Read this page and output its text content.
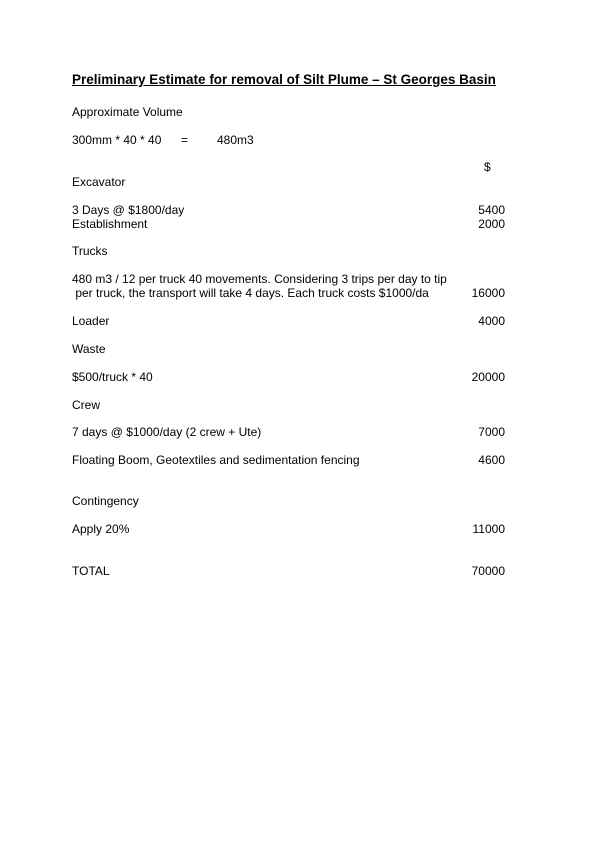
Preliminary Estimate for removal of Silt Plume – St Georges Basin

Approximate Volume

300mm * 40 * 40 = 480m3

$

Excavator

3 Days @ $1800/day	5400

Establishment	2000

Trucks

480 m3 / 12 per truck 40 movements. Considering 3 trips per day to tip

per truck, the transport will take 4 days. Each truck costs $1000/da	16000

Loader	4000

Waste

$500/truck * 40	20000

Crew

7 days @ $1000/day (2 crew + Ute)	7000

Floating Boom, Geotextiles and sedimentation fencing	4600

Contingency

Apply 20%	11000

TOTAL	70000
